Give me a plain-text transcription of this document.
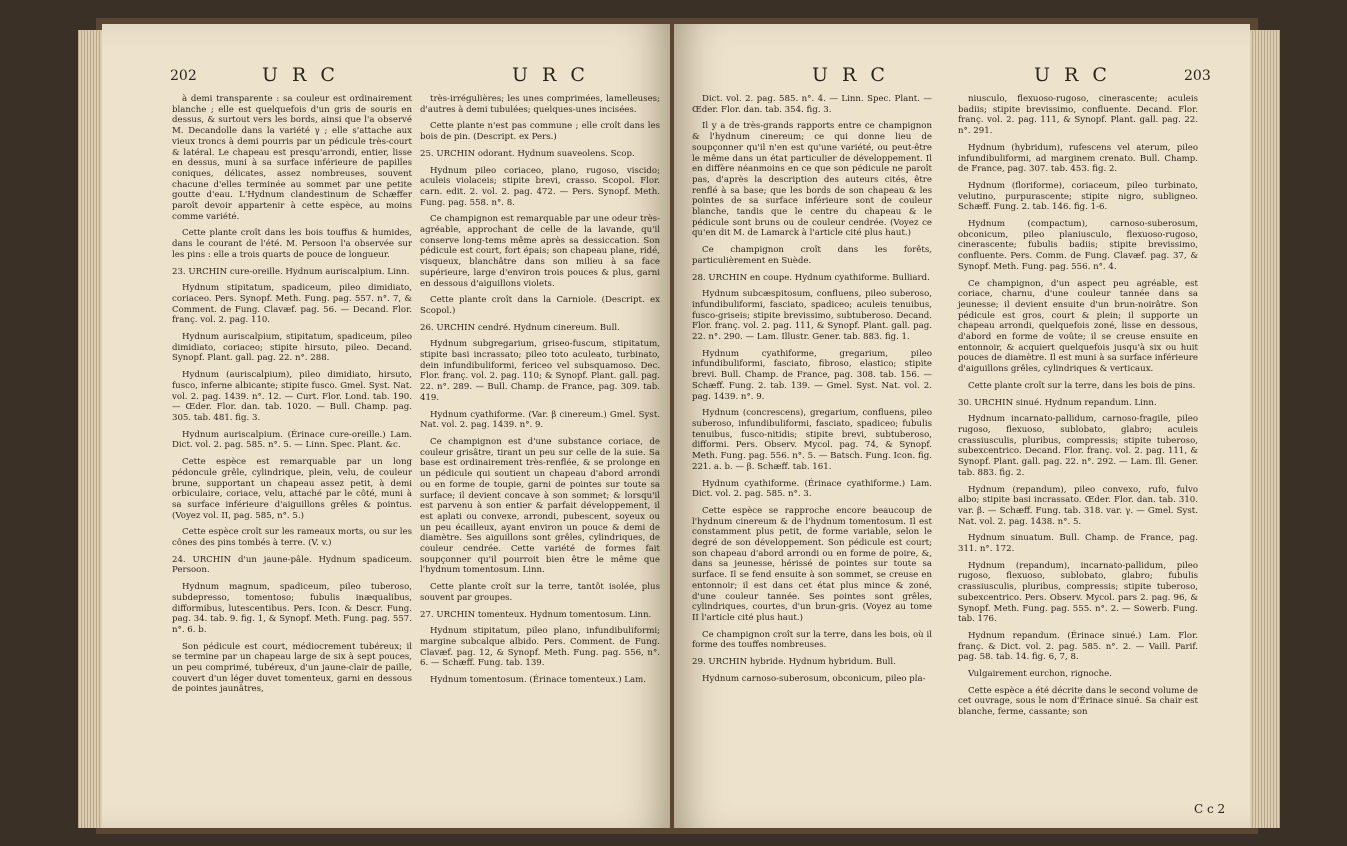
202	U R C	U R C

à demi transparente : sa couleur est ordinairement blanche ; elle est quelquefois d'un gris de souris en dessus, & surtout vers les bords, ainsi que l'a observé M. Decandolle dans la variété γ ; elle s'attache aux vieux troncs à demi pourris par un pédicule très-court & latéral. Le chapeau est presqu'arrondi, entier, lisse en dessus, muni à sa surface inférieure de papilles coniques, délicates, assez nombreuses, souvent chacune d'elles terminée au sommet par une petite goutte d'eau. L'Hydnum clandestinum de Schæffer paroît devoir appartenir à cette espèce, au moins comme variété.

Cette plante croît dans les bois touffus & humides, dans le courant de l'été. M. Persoon l'a observée sur les pins : elle a trois quarts de pouce de longueur.

23. URCHIN cure-oreille. Hydnum auriscalpium. Linn.

Hydnum stipitatum, spadiceum, pileo dimidiato, coriaceo. Pers. Synopf. Meth. Fung. pag. 557. n°. 7, & Comment. de Fung. Clavæf. pag. 56. — Decand. Flor. franç. vol. 2. pag. 110.

Hydnum auriscalpium, stipitatum, spadiceum, pileo dimidiato, coriaceo; stipite hirsuto, pileo. Decand. Synopf. Plant. gall. pag. 22. n°. 288.

Hydnum (auriscalpium), pileo dimidiato, hirsuto, fusco, inferne albicante; stipite fusco. Gmel. Syst. Nat. vol. 2. pag. 1439. n°. 12. — Curt. Flor. Lond. tab. 190. — Œder. Flor. dan. tab. 1020. — Bull. Champ. pag. 305. tab. 481. fig. 3.

Hydnum auriscalpium. (Érinace cure-oreille.) Lam. Dict. vol. 2. pag. 585. n°. 5. — Linn. Spec. Plant. &c.

Cette espèce est remarquable par un long pédoncule grêle, cylindrique, plein, velu, de couleur brune, supportant un chapeau assez petit, à demi orbiculaire, coriace, velu, attaché par le côté, muni à sa surface inférieure d'aiguillons grêles & pointus. (Voyez vol. II, pag. 585, n°. 5.)

Cette espèce croît sur les rameaux morts, ou sur les cônes des pins tombés à terre. (V. v.)

24. URCHIN d'un jaune-pâle. Hydnum spadiceum. Persoon.

Hydnum magnum, spadiceum, pileo tuberoso, subdepresso, tomentoso; fubulis inæqualibus, difformibus, lutescentibus. Pers. Icon. & Descr. Fung. pag. 34. tab. 9. fig. 1, & Synopf. Meth. Fung. pag. 557. n°. 6. b.

Son pédicule est court, médiocrement tubéreux; il se termine par un chapeau large de six à sept pouces, un peu comprimé, tubéreux, d'un jaune-clair de paille, couvert d'un léger duvet tomenteux, garni en dessous de pointes jaunâtres,

très-irrégulières; les unes comprimées, lamelleuses; d'autres à demi tubulées; quelques-unes incisées.

Cette plante n'est pas commune ; elle croît dans les bois de pin. (Descript. ex Pers.)

25. URCHIN odorant. Hydnum suaveolens. Scop.

Hydnum pileo coriaceo, plano, rugoso, viscido; aculeis violaceis; stipite brevi, crasso. Scopol. Flor. carn. edit. 2. vol. 2. pag. 472. — Pers. Synopf. Meth. Fung. pag. 558. n°. 8.

Ce champignon est remarquable par une odeur très-agréable, approchant de celle de la lavande, qu'il conserve long-tems même après sa dessiccation. Son pédicule est court, fort épais; son chapeau plane, ridé, visqueux, blanchâtre dans son milieu à sa face supérieure, large d'environ trois pouces & plus, garni en dessous d'aiguillons violets.

Cette plante croît dans la Carniole. (Descript. ex Scopol.)

26. URCHIN cendré. Hydnum cinereum. Bull.

Hydnum subgregarium, griseo-fuscum, stipitatum, stipite basi incrassato; pileo toto aculeato, turbinato, dein infundibuliformi, fericeo vel subsquamoso. Dec. Flor. franç. vol. 2. pag. 110; & Synopf. Plant. gall. pag. 22. n°. 289. — Bull. Champ. de France, pag. 309. tab. 419.

Hydnum cyathiforme. (Var. β cinereum.) Gmel. Syst. Nat. vol. 2. pag. 1439. n°. 9.

Ce champignon est d'une substance coriace, de couleur grisâtre, tirant un peu sur celle de la suie. Sa base est ordinairement très-renflée, & se prolonge en un pédicule qui soutient un chapeau d'abord arrondi ou en forme de toupie, garni de pointes sur toute sa surface; il devient concave à son sommet; & lorsqu'il est parvenu à son entier & parfait développement, il est aplati ou convexe, arrondi, pubescent, soyeux ou un peu écailleux, ayant environ un pouce & demi de diamètre. Ses aiguillons sont grêles, cylindriques, de couleur cendrée. Cette variété de formes fait soupçonner qu'il pourroit bien être le même que l'hydnum tomentosum. Linn.

Cette plante croît sur la terre, tantôt isolée, plus souvent par groupes.

27. URCHIN tomenteux. Hydnum tomentosum. Linn.

Hydnum stipitatum, pileo plano, infundibuliformi; margine subcalque albido. Pers. Comment. de Fung. Clavæf. pag. 12, & Synopf. Meth. Fung. pag. 556, n°. 6. — Schæff. Fung. tab. 139.

Hydnum tomentosum. (Érinace tomenteux.) Lam.

U R C	U R C	203

Dict. vol. 2. pag. 585. n°. 4. — Linn. Spec. Plant. — Œder. Flor. dan. tab. 354. fig. 3.

Il y a de très-grands rapports entre ce champignon & l'hydnum cinereum; ce qui donne lieu de soupçonner qu'il n'en est qu'une variété, ou peut-être le même dans un état particulier de développement. Il en diffère néanmoins en ce que son pédicule ne paroît pas, d'après la description des auteurs cités, être renflé à sa base; que les bords de son chapeau & les pointes de sa surface inférieure sont de couleur blanche, tandis que le centre du chapeau & le pédicule sont bruns ou de couleur cendrée. (Voyez ce qu'en dit M. de Lamarck à l'article cité plus haut.)

Ce champignon croît dans les forêts, particulièrement en Suède.

28. URCHIN en coupe. Hydnum cyathiforme. Bulliard.

Hydnum subcæspitosum, confluens, pileo suberoso, infundibuliformi, fasciato, spadiceo; aculeis tenuibus, fusco-griseis; stipite brevissimo, subtuberoso. Decand. Flor. franç. vol. 2. pag. 111, & Synopf. Plant. gall. pag. 22. n°. 290. — Lam. Illustr. Gener. tab. 883. fig. 1.

Hydnum cyathiforme, gregarium, pileo infundibuliformi, fasciato, fibroso, elastico; stipite brevi. Bull. Champ. de France, pag. 308. tab. 156. — Schæff. Fung. 2. tab. 139. — Gmel. Syst. Nat. vol. 2. pag. 1439. n°. 9.

Hydnum (concrescens), gregarium, confluens, pileo suberoso, infundibuliformi, fasciato, spadiceo; fubulis tenuibus, fusco-nitidis; stipite brevi, subtuberoso, difformi. Pers. Observ. Mycol. pag. 74, & Synopf. Meth. Fung. pag. 556. n°. 5. — Batsch. Fung. Icon. fig. 221. a. b. — β. Schæff. tab. 161.

Hydnum cyathiforme. (Érinace cyathiforme.) Lam. Dict. vol. 2. pag. 585. n°. 3.

Cette espèce se rapproche encore beaucoup de l'hydnum cinereum & de l'hydnum tomentosum. Il est constamment plus petit, de forme variable, selon le degré de son développement. Son pédicule est court; son chapeau d'abord arrondi ou en forme de poire, &, dans sa jeunesse, hérissé de pointes sur toute sa surface. Il se fend ensuite à son sommet, se creuse en entonnoir; il est dans cet état plus mince & zoné, d'une couleur tannée. Ses pointes sont grêles, cylindriques, courtes, d'un brun-gris. (Voyez au tome II l'article cité plus haut.)

Ce champignon croît sur la terre, dans les bois, où il forme des touffes nombreuses.

29. URCHIN hybride. Hydnum hybridum. Bull.

Hydnum carnoso-suberosum, obconicum, pileo pla-

niusculo, flexuoso-rugoso, cinerascente; aculeis badiis; stipite brevissimo, confluente. Decand. Flor. franç. vol. 2. pag. 111, & Synopf. Plant. gall. pag. 22. n°. 291.

Hydnum (hybridum), rufescens vel aterum, pileo infundibuliformi, ad marginem crenato. Bull. Champ. de France, pag. 307. tab. 453. fig. 2.

Hydnum (floriforme), coriaceum, pileo turbinato, velutino, purpurascente; stipite nigro, subligneo. Schæff. Fung. 2. tab. 146. fig. 1-6.

Hydnum (compactum), carnoso-suberosum, obconicum, pileo planiusculo, flexuoso-rugoso, cinerascente; fubulis badiis; stipite brevissimo, confluente. Pers. Comm. de Fung. Clavæf. pag. 37, & Synopf. Meth. Fung. pag. 556. n°. 4.

Ce champignon, d'un aspect peu agréable, est coriace, charnu, d'une couleur tannée dans sa jeunesse; il devient ensuite d'un brun-noirâtre. Son pédicule est gros, court & plein; il supporte un chapeau arrondi, quelquefois zoné, lisse en dessous, d'abord en forme de voûte; il se creuse ensuite en entonnoir, & acquiert quelquefois jusqu'à six ou huit pouces de diamètre. Il est muni à sa surface inférieure d'aiguillons grêles, cylindriques & verticaux.

Cette plante croît sur la terre, dans les bois de pins.

30. URCHIN sinué. Hydnum repandum. Linn.

Hydnum incarnato-pallidum, carnoso-fragile, pileo rugoso, flexuoso, sublobato, glabro; aculeis crassiusculis, pluribus, compressis; stipite tuberoso, subexcentrico. Decand. Flor. franç. vol. 2. pag. 111, & Synopf. Plant. gall. pag. 22. n°. 292. — Lam. Ill. Gener. tab. 883. fig. 2.

Hydnum (repandum), pileo convexo, rufo, fulvo albo; stipite basi incrassato. Œder. Flor. dan. tab. 310. var. β. — Schæff. Fung. tab. 318. var. γ. — Gmel. Syst. Nat. vol. 2. pag. 1438. n°. 5.

Hydnum sinuatum. Bull. Champ. de France, pag. 311. n°. 172.

Hydnum (repandum), incarnato-pallidum, pileo rugoso, flexuoso, sublobato, glabro; fubulis crassiusculis, pluribus, compressis; stipite tuberoso, subexcentrico. Pers. Observ. Mycol. pars 2. pag. 96, & Synopf. Meth. Fung. pag. 555. n°. 2. — Sowerb. Fung. tab. 176.

Hydnum repandum. (Érinace sinué.) Lam. Flor. franç. & Dict. vol. 2. pag. 585. n°. 2. — Vaill. Parif. pag. 58. tab. 14. fig. 6, 7, 8.

Vulgairement eurchon, rignoche.

Cette espèce a été décrite dans le second volume de cet ouvrage, sous le nom d'Érinace sinué. Sa chair est blanche, ferme, cassante; son

C c 2
